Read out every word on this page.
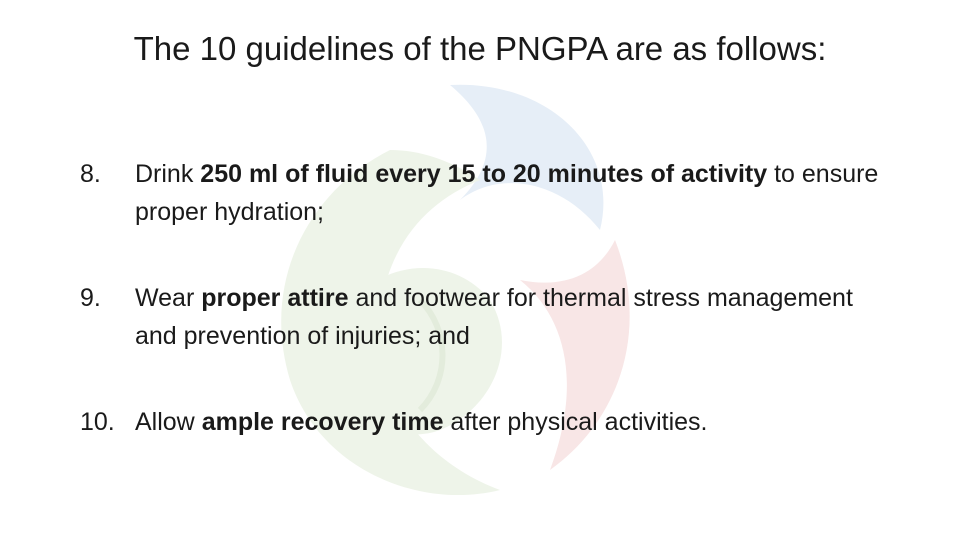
The 10 guidelines of the PNGPA are as follows:
8. Drink 250 ml of fluid every 15 to 20 minutes of activity to ensure proper hydration;
9. Wear proper attire and footwear for thermal stress management and prevention of injuries; and
10. Allow ample recovery time after physical activities.
